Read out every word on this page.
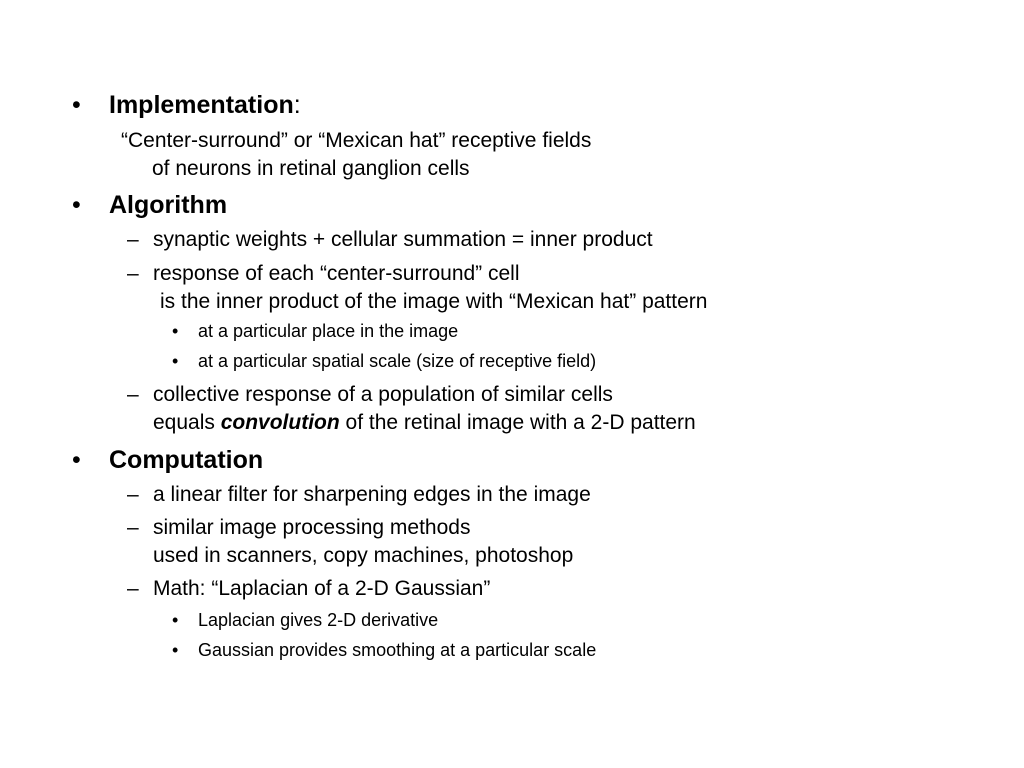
• Implementation:
“Center-surround” or “Mexican hat” receptive fields
of neurons in retinal ganglion cells
• Algorithm
– synaptic weights + cellular summation = inner product
– response of each “center-surround” cell
is the inner product of the image with “Mexican hat” pattern
• at a particular place in the image
• at a particular spatial scale (size of receptive field)
– collective response of a population of similar cells
equals convolution of the retinal image with a 2-D pattern
• Computation
– a linear filter for sharpening edges in the image
– similar image processing methods
used in scanners, copy machines, photoshop
– Math: “Laplacian of a 2-D Gaussian”
• Laplacian gives 2-D derivative
• Gaussian provides smoothing at a particular scale
